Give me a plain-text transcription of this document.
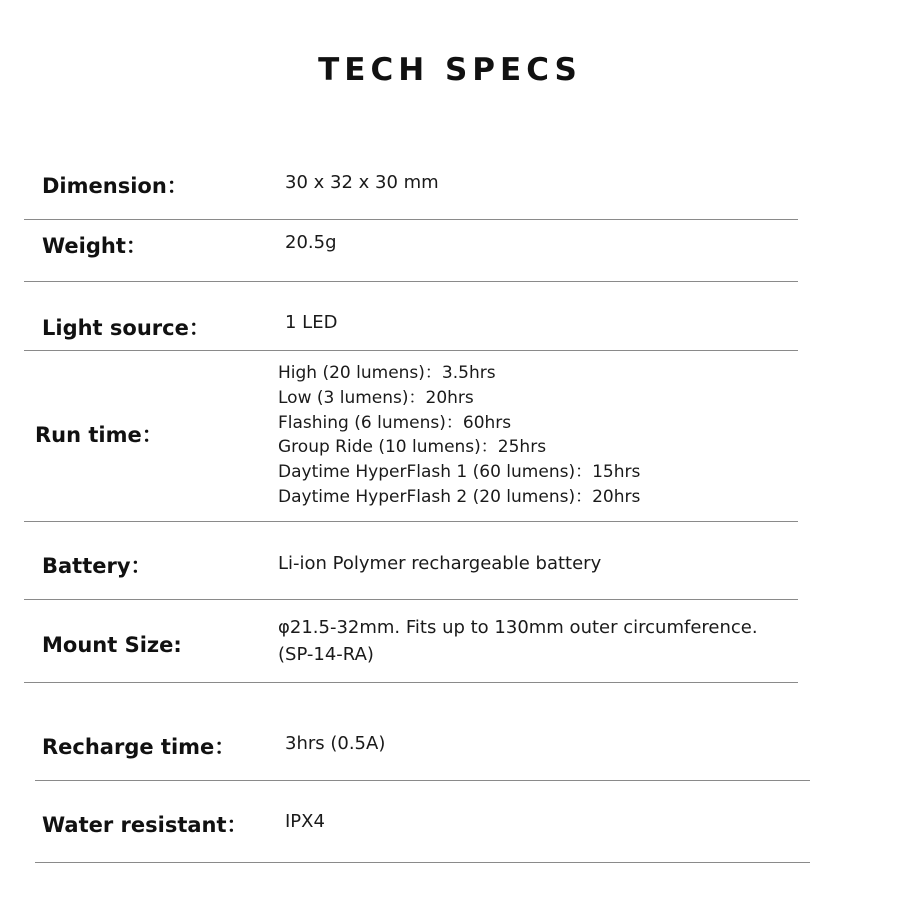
TECH SPECS
Dimension：	30 x 32 x 30 mm
Weight：	20.5g
Light source：	1 LED
Run time：
High (20 lumens)：3.5hrs
Low (3 lumens)：20hrs
Flashing (6 lumens)：60hrs
Group Ride (10 lumens)：25hrs
Daytime HyperFlash 1 (60 lumens)：15hrs
Daytime HyperFlash 2 (20 lumens)：20hrs
Battery：	Li-ion Polymer rechargeable battery
Mount Size:
φ21.5-32mm. Fits up to 130mm outer circumference.
(SP-14-RA)
Recharge time：	3hrs (0.5A)
Water resistant： IPX4
